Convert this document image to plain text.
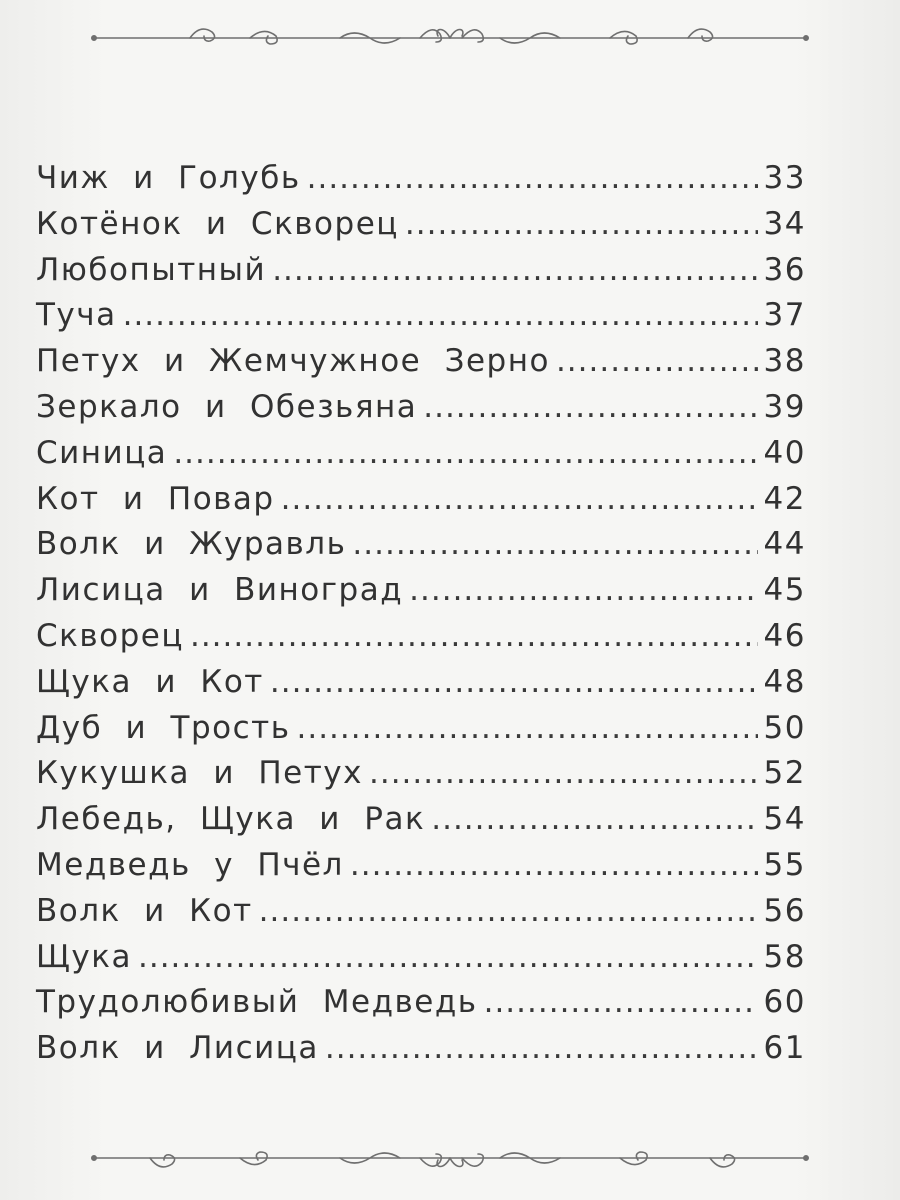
Чиж и Голубь .....	33
Котёнок и Скворец .....	34
Любопытный .....	36
Туча .....	37
Петух и Жемчужное Зерно .....	38
Зеркало и Обезьяна .....	39
Синица .....	40
Кот и Повар .....	42
Волк и Журавль .....	44
Лисица и Виноград .....	45
Скворец .....	46
Щука и Кот .....	48
Дуб и Трость .....	50
Кукушка и Петух .....	52
Лебедь, Щука и Рак .....	54
Медведь у Пчёл .....	55
Волк и Кот .....	56
Щука .....	58
Трудолюбивый Медведь .....	60
Волк и Лисица .....	61
